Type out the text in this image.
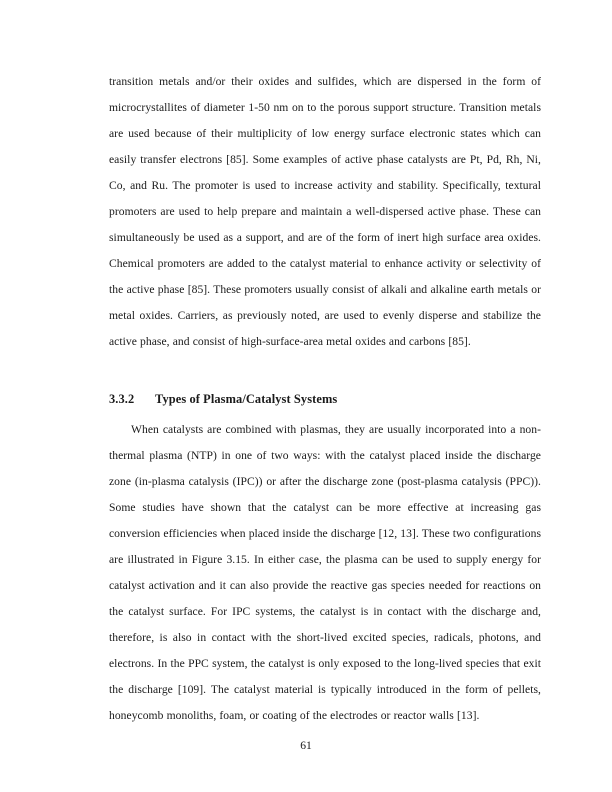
transition metals and/or their oxides and sulfides, which are dispersed in the form of microcrystallites of diameter 1-50 nm on to the porous support structure. Transition metals are used because of their multiplicity of low energy surface electronic states which can easily transfer electrons [85]. Some examples of active phase catalysts are Pt, Pd, Rh, Ni, Co, and Ru. The promoter is used to increase activity and stability. Specifically, textural promoters are used to help prepare and maintain a well-dispersed active phase. These can simultaneously be used as a support, and are of the form of inert high surface area oxides. Chemical promoters are added to the catalyst material to enhance activity or selectivity of the active phase [85]. These promoters usually consist of alkali and alkaline earth metals or metal oxides. Carriers, as previously noted, are used to evenly disperse and stabilize the active phase, and consist of high-surface-area metal oxides and carbons [85].

3.3.2 Types of Plasma/Catalyst Systems

When catalysts are combined with plasmas, they are usually incorporated into a non-thermal plasma (NTP) in one of two ways: with the catalyst placed inside the discharge zone (in-plasma catalysis (IPC)) or after the discharge zone (post-plasma catalysis (PPC)). Some studies have shown that the catalyst can be more effective at increasing gas conversion efficiencies when placed inside the discharge [12, 13]. These two configurations are illustrated in Figure 3.15. In either case, the plasma can be used to supply energy for catalyst activation and it can also provide the reactive gas species needed for reactions on the catalyst surface. For IPC systems, the catalyst is in contact with the discharge and, therefore, is also in contact with the short-lived excited species, radicals, photons, and electrons. In the PPC system, the catalyst is only exposed to the long-lived species that exit the discharge [109]. The catalyst material is typically introduced in the form of pellets, honeycomb monoliths, foam, or coating of the electrodes or reactor walls [13].

61
